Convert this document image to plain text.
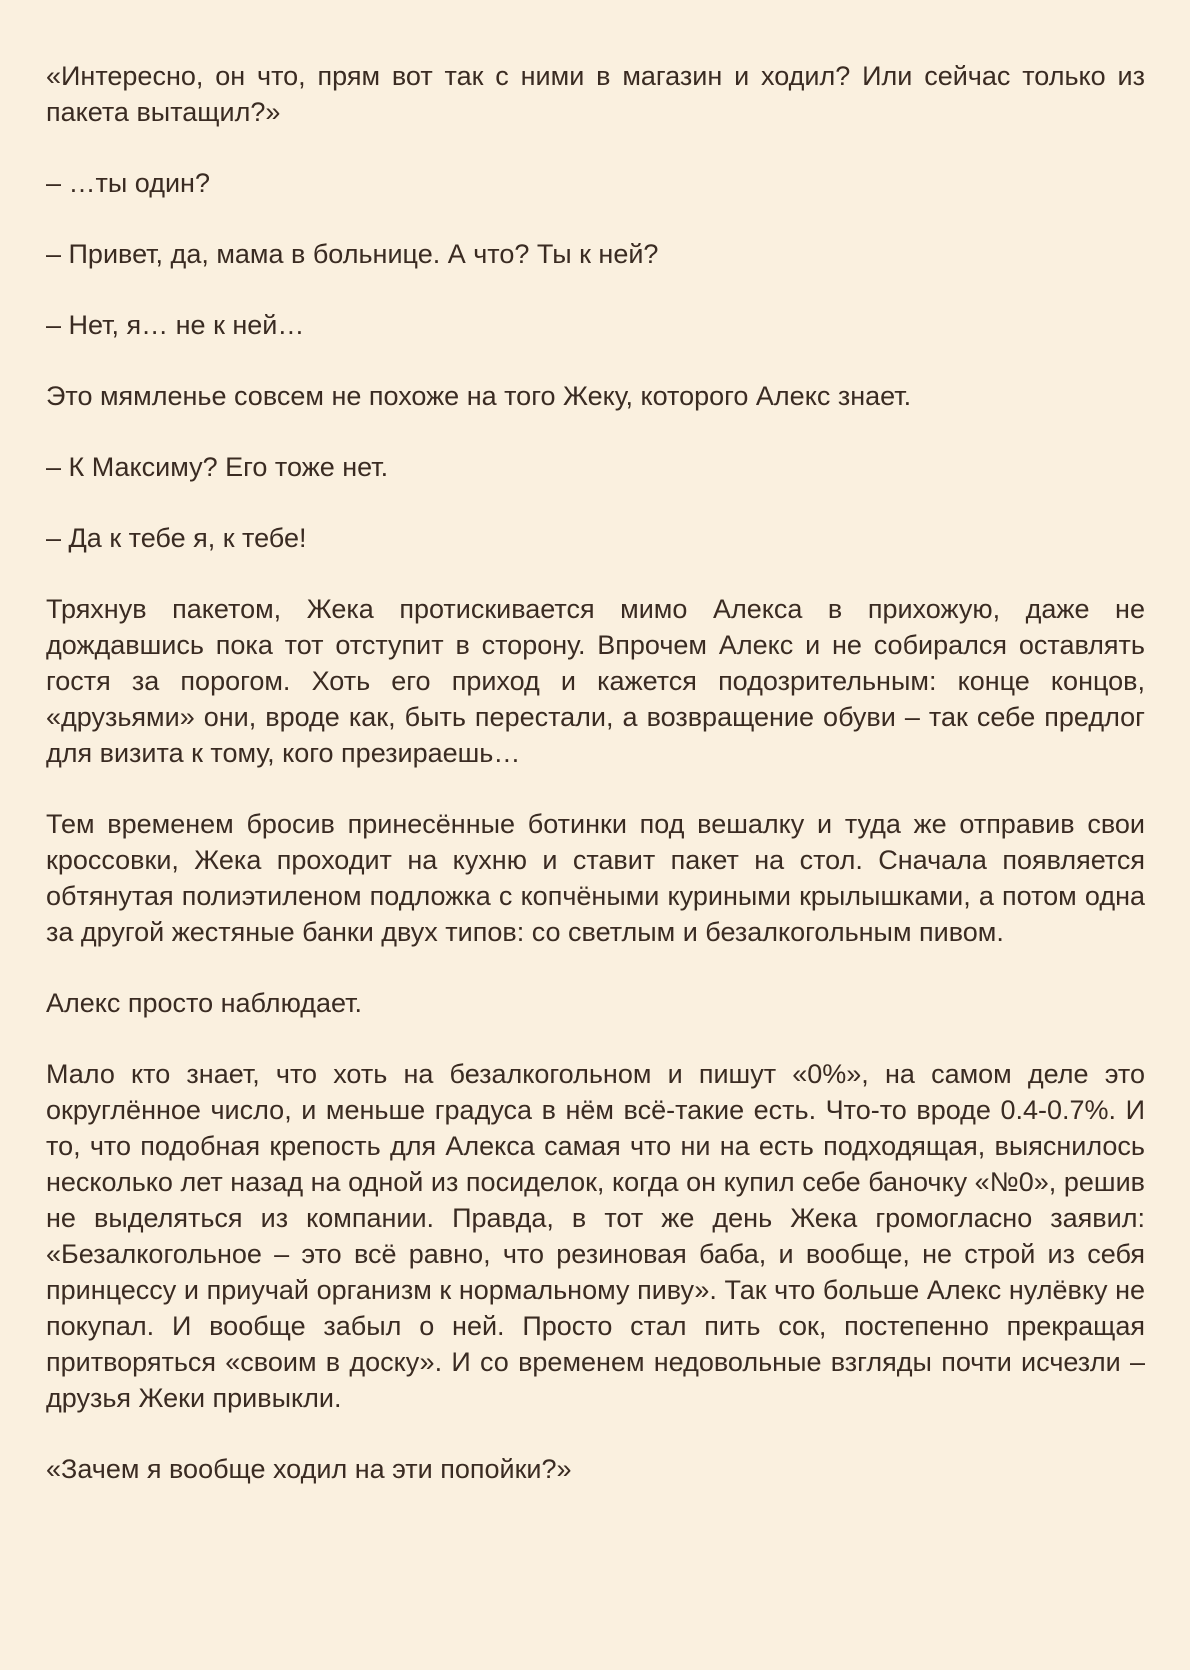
«Интересно, он что, прям вот так с ними в магазин и ходил? Или сейчас только из пакета вытащил?»

– …ты один?

– Привет, да, мама в больнице. А что? Ты к ней?

– Нет, я… не к ней…

Это мямленье совсем не похоже на того Жеку, которого Алекс знает.

– К Максиму? Его тоже нет.

– Да к тебе я, к тебе!

Тряхнув пакетом, Жека протискивается мимо Алекса в прихожую, даже не дождавшись пока тот отступит в сторону. Впрочем Алекс и не собирался оставлять гостя за порогом. Хоть его приход и кажется подозрительным: конце концов, «друзьями» они, вроде как, быть перестали, а возвращение обуви – так себе предлог для визита к тому, кого презираешь…

Тем временем бросив принесённые ботинки под вешалку и туда же отправив свои кроссовки, Жека проходит на кухню и ставит пакет на стол. Сначала появляется обтянутая полиэтиленом подложка с копчёными куриными крылышками, а потом одна за другой жестяные банки двух типов: со светлым и безалкогольным пивом.

Алекс просто наблюдает.

Мало кто знает, что хоть на безалкогольном и пишут «0%», на самом деле это округлённое число, и меньше градуса в нём всё-такие есть. Что-то вроде 0.4-0.7%. И то, что подобная крепость для Алекса самая что ни на есть подходящая, выяснилось несколько лет назад на одной из посиделок, когда он купил себе баночку «№0», решив не выделяться из компании. Правда, в тот же день Жека громогласно заявил: «Безалкогольное – это всё равно, что резиновая баба, и вообще, не строй из себя принцессу и приучай организм к нормальному пиву». Так что больше Алекс нулёвку не покупал. И вообще забыл о ней. Просто стал пить сок, постепенно прекращая притворяться «своим в доску». И со временем недовольные взгляды почти исчезли – друзья Жеки привыкли.

«Зачем я вообще ходил на эти попойки?»
